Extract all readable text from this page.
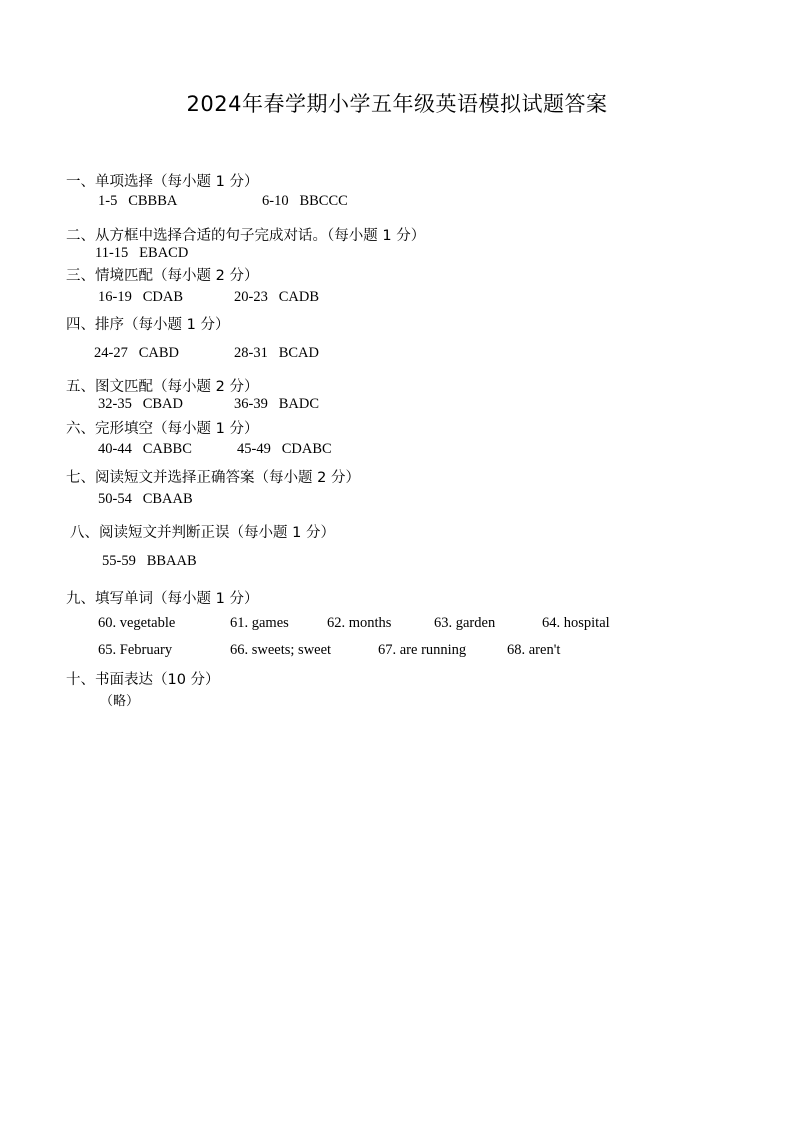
2024年春学期小学五年级英语模拟试题答案
一、单项选择（每小题 1 分）
1-5   CBBBA	6-10   BBCCC
二、从方框中选择合适的句子完成对话。（每小题 1 分）
11-15   EBACD
三、情境匹配（每小题 2 分）
16-19   CDAB	20-23   CADB
四、排序（每小题 1 分）
24-27   CABD	28-31   BCAD
五、图文匹配（每小题 2 分）
32-35   CBAD	36-39   BADC
六、完形填空（每小题 1 分）
40-44   CABBC	45-49   CDABC
七、阅读短文并选择正确答案（每小题 2 分）
50-54   CBAAB
八、阅读短文并判断正误（每小题 1 分）
55-59   BBAAB
九、填写单词（每小题 1 分）
60. vegetable	61. games	62. months	63. garden	64. hospital
65. February	66. sweets; sweet	67. are running	68. aren't
十、书面表达（10 分）
（略）
